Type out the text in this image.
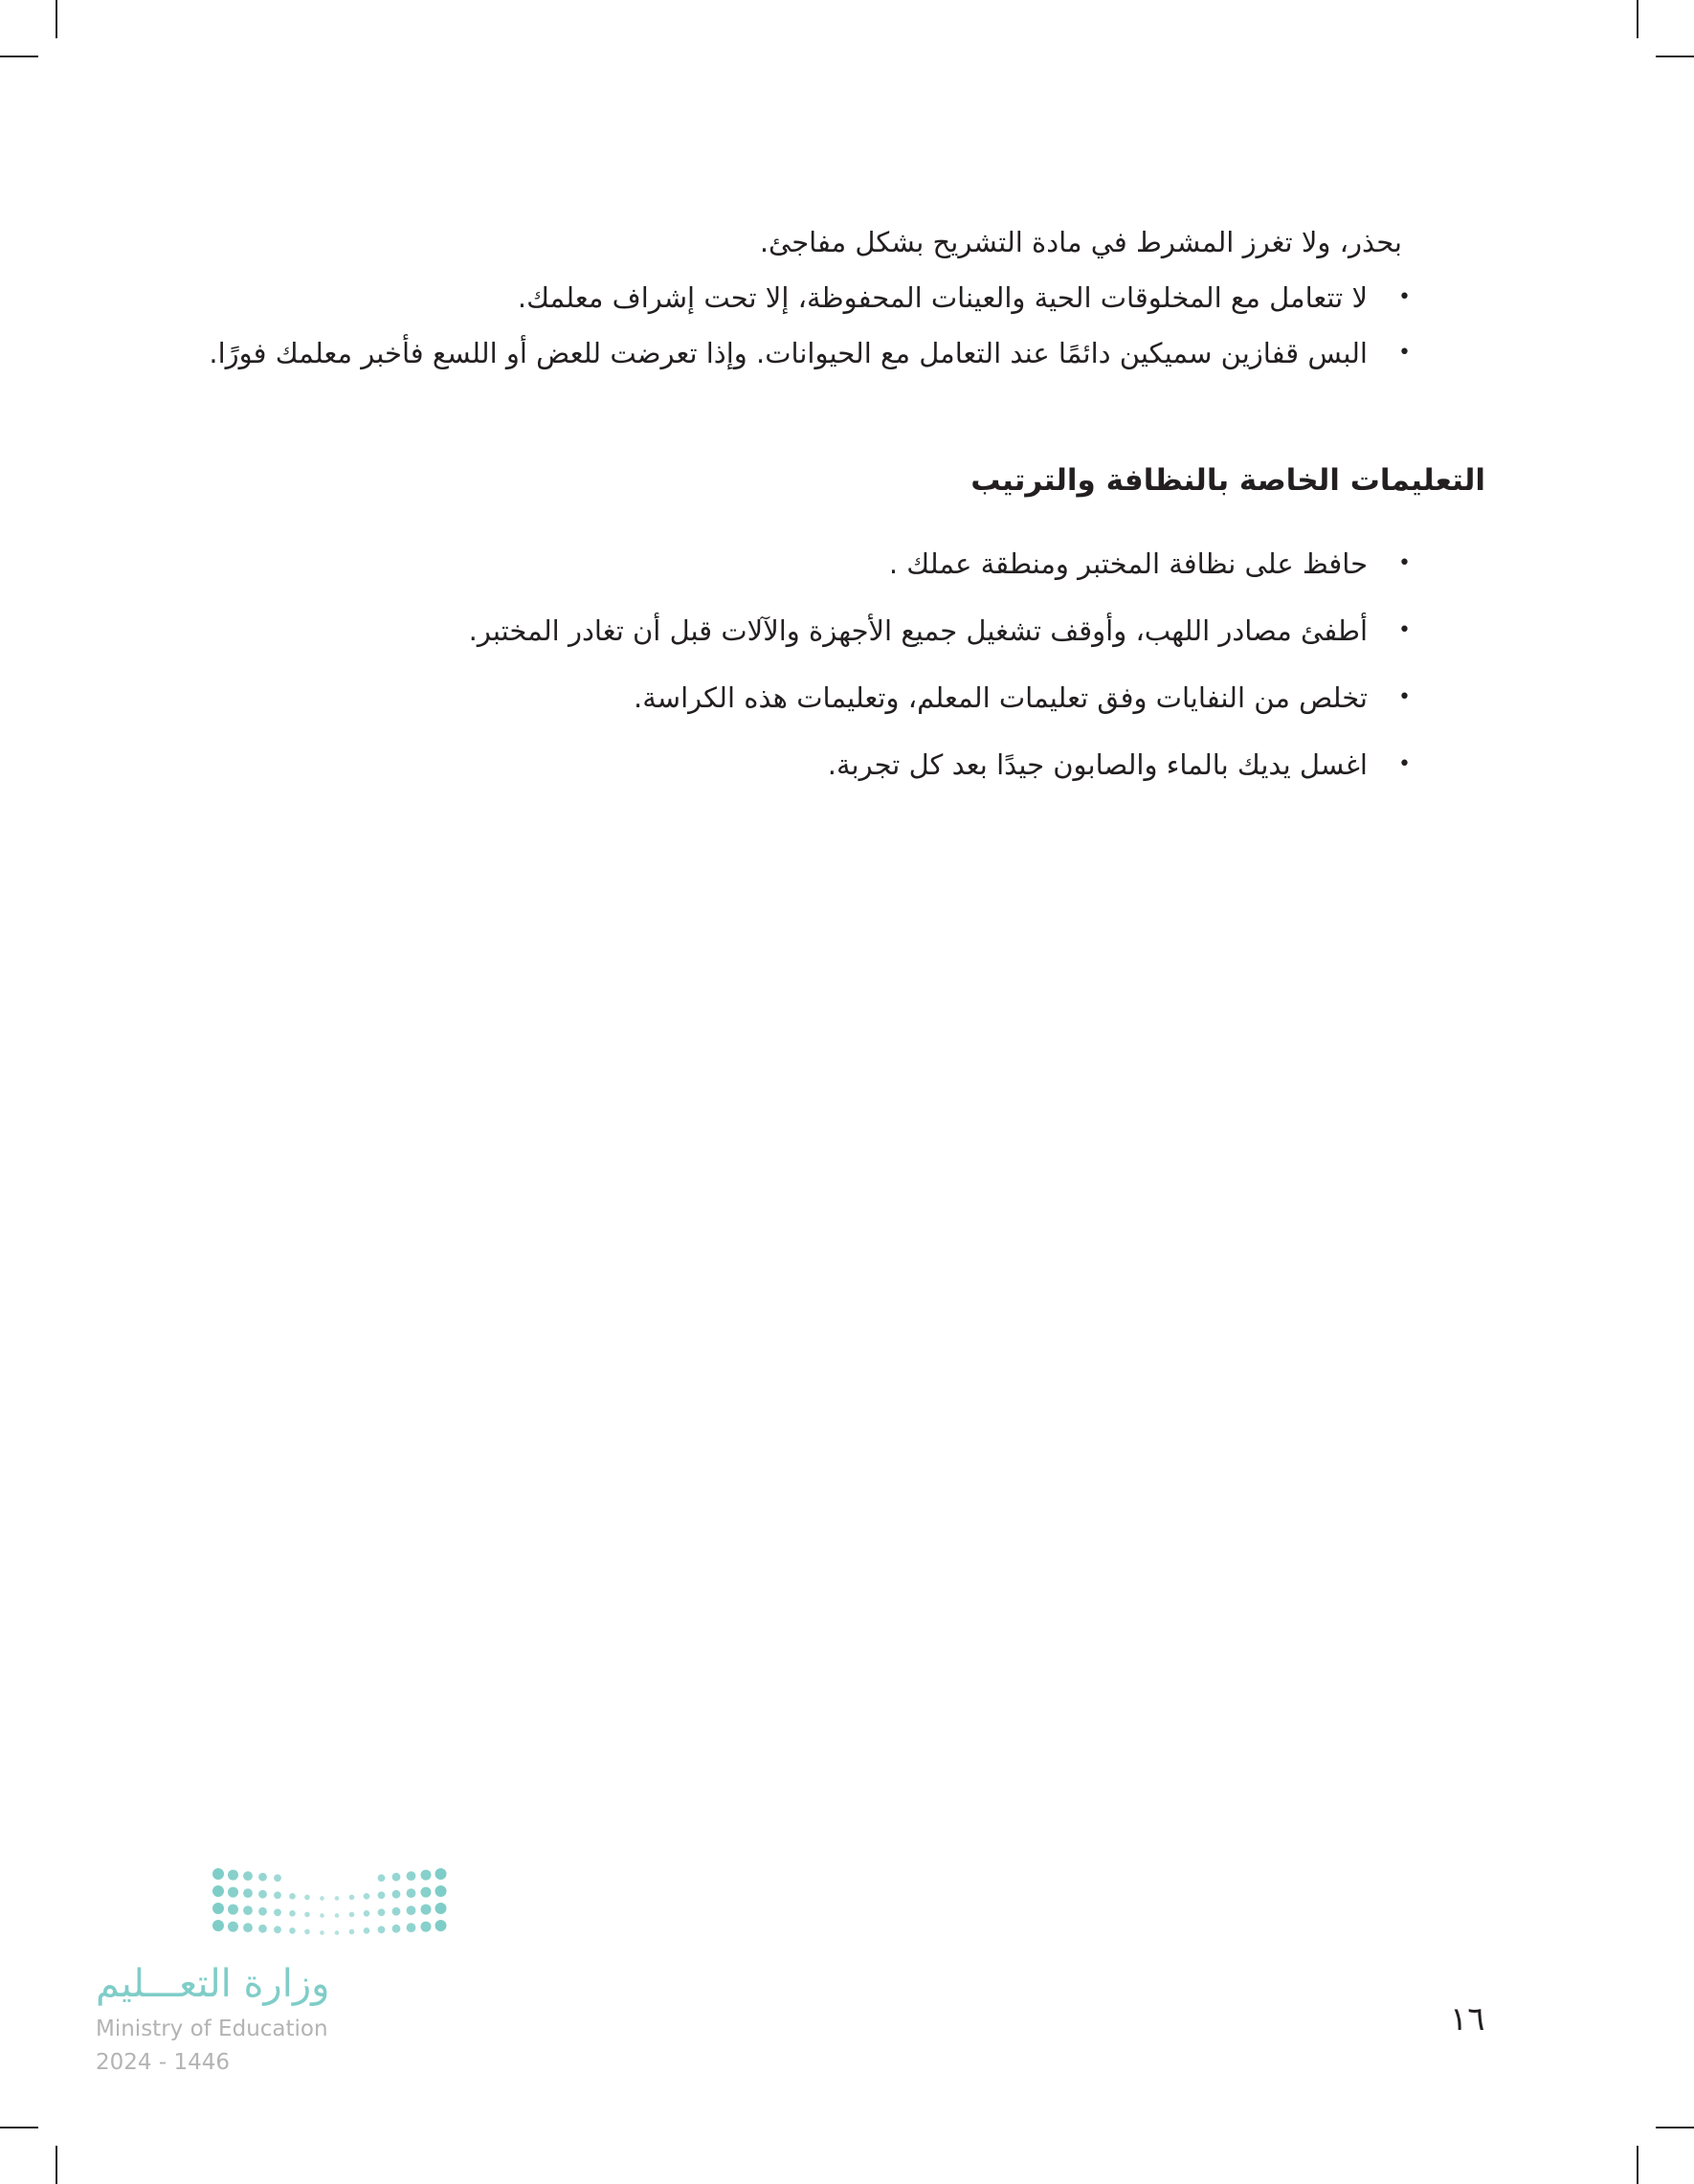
بحذر، ولا تغرز المشرط في مادة التشريح بشكل مفاجئ.
•
لا تتعامل مع المخلوقات الحية والعينات المحفوظة، إلا تحت إشراف معلمك.
•
البس قفازين سميكين دائمًا عند التعامل مع الحيوانات. وإذا تعرضت للعض أو اللسع فأخبر معلمك فورًا.
التعليمات الخاصة بالنظافة والترتيب
•
حافظ على نظافة المختبر ومنطقة عملك .
•
أطفئ مصادر اللهب، وأوقف تشغيل جميع الأجهزة والآلات قبل أن تغادر المختبر.
•
تخلص من النفايات وفق تعليمات المعلم، وتعليمات هذه الكراسة.
•
اغسل يديك بالماء والصابون جيدًا بعد كل تجربة.
وزارة التعـــليم
Ministry of Education
2024 - 1446
١٦
